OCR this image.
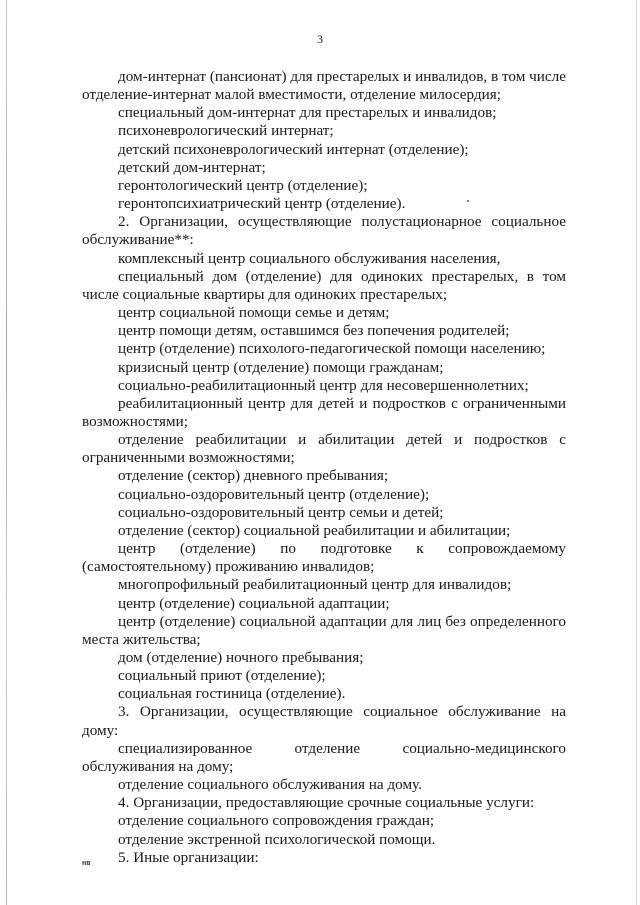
3

дом-интернат (пансионат) для престарелых и инвалидов, в том числе отделение-интернат малой вместимости, отделение милосердия;

специальный дом-интернат для престарелых и инвалидов;

психоневрологический интернат;

детский психоневрологический интернат (отделение);

детский дом-интернат;

геронтологический центр (отделение);

геронтопсихиатрический центр (отделение).

2. Организации, осуществляющие полустационарное социальное обслуживание**:

комплексный центр социального обслуживания населения,

специальный дом (отделение) для одиноких престарелых, в том числе социальные квартиры для одиноких престарелых;

центр социальной помощи семье и детям;

центр помощи детям, оставшимся без попечения родителей;

центр (отделение) психолого-педагогической помощи населению;

кризисный центр (отделение) помощи гражданам;

социально-реабилитационный центр для несовершеннолетних;

реабилитационный центр для детей и подростков с ограниченными возможностями;

отделение реабилитации и абилитации детей и подростков с ограниченными возможностями;

отделение (сектор) дневного пребывания;

социально-оздоровительный центр (отделение);

социально-оздоровительный центр семьи и детей;

отделение (сектор) социальной реабилитации и абилитации;

центр (отделение) по подготовке к сопровождаемому (самостоятельному) проживанию инвалидов;

многопрофильный реабилитационный центр для инвалидов;

центр (отделение) социальной адаптации;

центр (отделение) социальной адаптации для лиц без определенного места жительства;

дом (отделение) ночного пребывания;

социальный приют (отделение);

социальная гостиница (отделение).

3. Организации, осуществляющие социальное обслуживание на дому:

специализированное отделение социально-медицинского обслуживания на дому;

отделение социального обслуживания на дому.

4. Организации, предоставляющие срочные социальные услуги:

отделение социального сопровождения граждан;

отделение экстренной психологической помощи.

5. Иные организации:

нв
